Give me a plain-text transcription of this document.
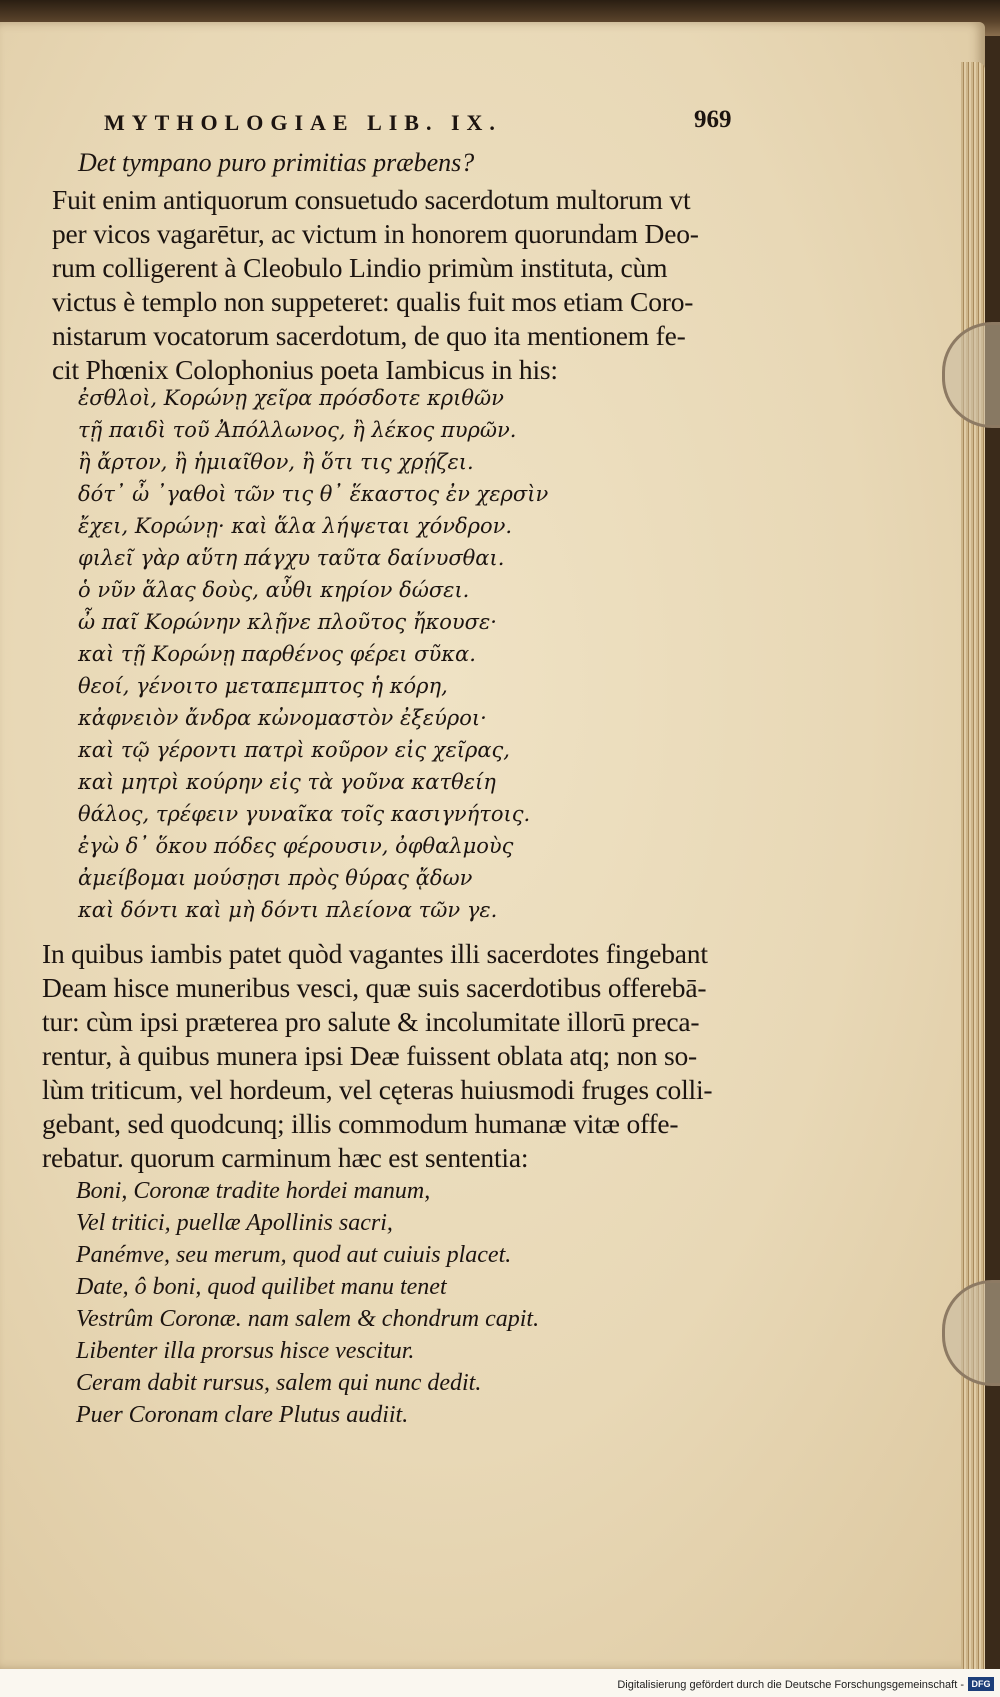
MYTHOLOGIAE LIB. IX.	969
Det tympano puro primitias præbens?
Fuit enim antiquorum consuetudo sacerdotum multorum vt
per vicos vagarētur, ac victum in honorem quorundam Deo-
rum colligerent à Cleobulo Lindio primùm instituta, cùm
victus è templo non suppeteret: qualis fuit mos etiam Coro-
nistarum vocatorum sacerdotum, de quo ita mentionem fe-
cit Phœnix Colophonius poeta Iambicus in his:
ἐσθλοὶ, Κορώνῃ χεῖρα πρόσδοτε κριθῶν
τῇ παιδὶ τοῦ Ἀπόλλωνος, ἢ λέκος πυρῶν.
ἢ ἄρτον, ἢ ἡμιαῖθον, ἢ ὅτι τις χρῄζει.
δότ᾽ ὦ ᾽γαθοὶ τῶν τις θ᾽ ἕκαστος ἐν χερσὶν
ἔχει, Κορώνῃ· καὶ ἅλα λήψεται χόνδρον.
φιλεῖ γὰρ αὕτη πάγχυ ταῦτα δαίνυσθαι.
ὁ νῦν ἅλας δοὺς, αὖθι κηρίον δώσει.
ὦ παῖ Κορώνην κλῇνε πλοῦτος ἤκουσε·
καὶ τῇ Κορώνῃ παρθένος φέρει σῦκα.
θεοί, γένοιτο μεταπεμπτος ἡ κόρη,
κἀφνειὸν ἄνδρα κὠνομαστὸν ἐξεύροι·
καὶ τῷ γέροντι πατρὶ κοῦρον εἰς χεῖρας,
καὶ μητρὶ κούρην εἰς τὰ γοῦνα κατθείη
θάλος, τρέφειν γυναῖκα τοῖς κασιγνήτοις.
ἐγὼ δ᾽ ὅκου πόδες φέρουσιν, ὀφθαλμοὺς
ἀμείβομαι μούσῃσι πρὸς θύρας ᾄδων
καὶ δόντι καὶ μὴ δόντι πλείονα τῶν γε.
In quibus iambis patet quòd vagantes illi sacerdotes fingebant
Deam hisce muneribus vesci, quæ suis sacerdotibus offerebā-
tur: cùm ipsi præterea pro salute & incolumitate illorū preca-
rentur, à quibus munera ipsi Deæ fuissent oblata atq; non so-
lùm triticum, vel hordeum, vel cęteras huiusmodi fruges colli-
gebant, sed quodcunq; illis commodum humanæ vitæ offe-
rebatur. quorum carminum hæc est sententia:
Boni, Coronæ tradite hordei manum,
Vel tritici, puellæ Apollinis sacri,
Panémve, seu merum, quod aut cuiuis placet.
Date, ô boni, quod quilibet manu tenet
Vestrûm Coronæ. nam salem & chondrum capit.
Libenter illa prorsus hisce vescitur.
Ceram dabit rursus, salem qui nunc dedit.
Puer Coronam clare Plutus audiit.
Digitalisierung gefördert durch die Deutsche Forschungsgemeinschaft - DFG
